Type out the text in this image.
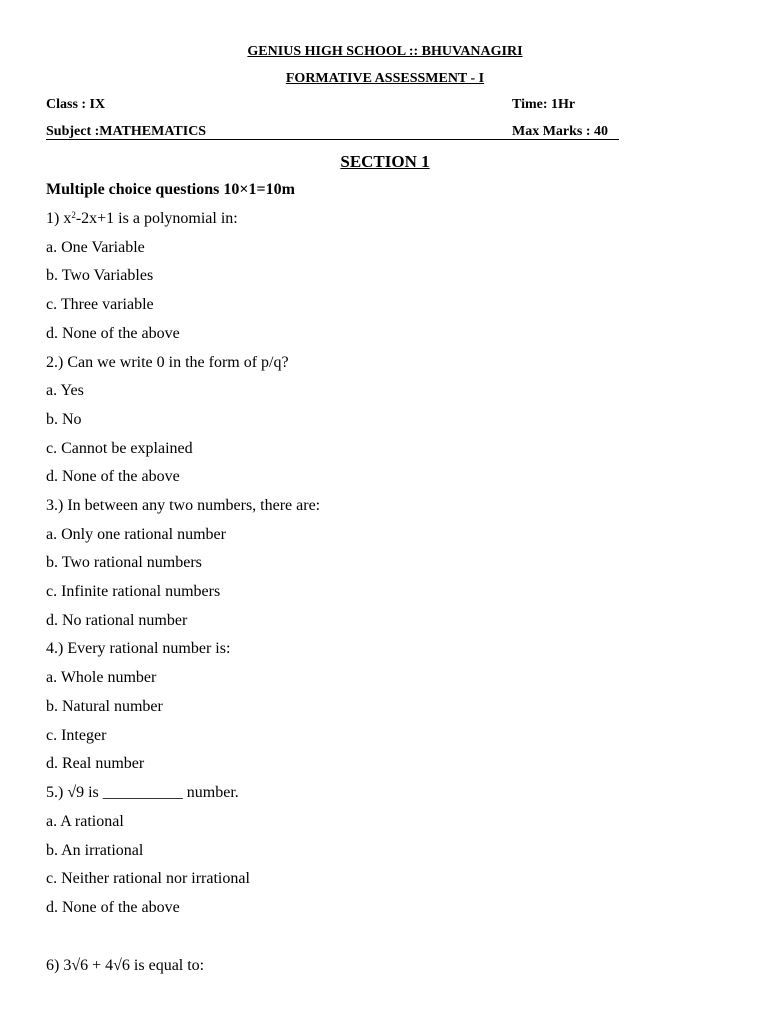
GENIUS HIGH SCHOOL :: BHUVANAGIRI
FORMATIVE ASSESSMENT - I
Class : IX	Time: 1Hr
Subject :MATHEMATICS	Max Marks : 40
SECTION 1
Multiple choice questions 10×1=10m
1) $x^2-2x+1$ is a polynomial in:
a. One Variable
b. Two Variables
c. Three variable
d. None of the above
2.) Can we write 0 in the form of p/q?
a. Yes
b. No
c. Cannot be explained
d. None of the above
3.) In between any two numbers, there are:
a. Only one rational number
b. Two rational numbers
c. Infinite rational numbers
d. No rational number
4.) Every rational number is:
a. Whole number
b. Natural number
c. Integer
d. Real number
5.) √9 is __________ number.
a. A rational
b. An irrational
c. Neither rational nor irrational
d. None of the above
6) 3√6 + 4√6 is equal to:
